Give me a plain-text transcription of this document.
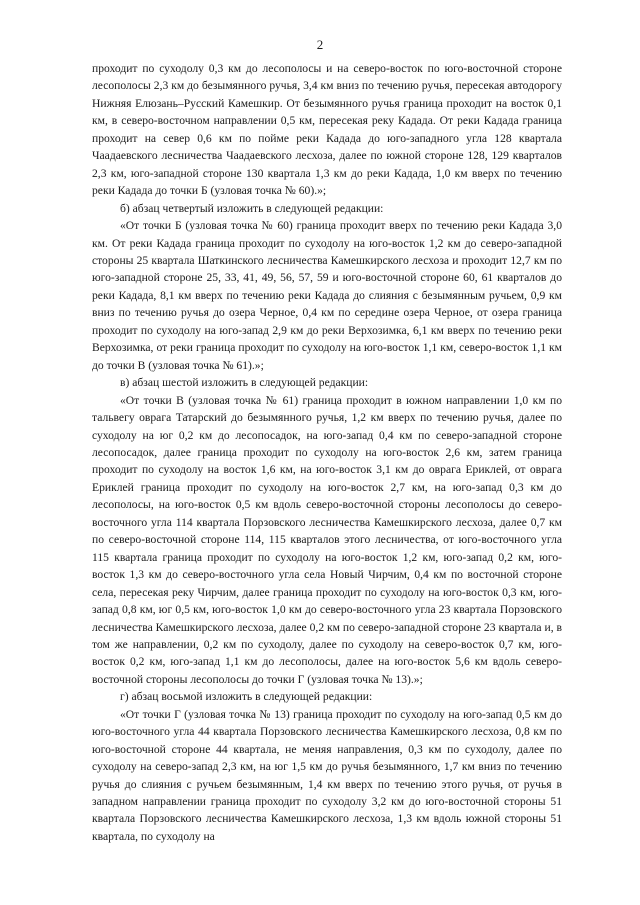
2

проходит по суходолу 0,3 км до лесополосы и на северо-восток по юго-восточной стороне лесополосы 2,3 км до безымянного ручья, 3,4 км вниз по течению ручья, пересекая автодорогу Нижняя Елюзань–Русский Камешкир. От безымянного ручья граница проходит на восток 0,1 км, в северо-восточном направлении 0,5 км, пересекая реку Кадада. От реки Кадада граница проходит на север 0,6 км по пойме реки Кадада до юго-западного угла 128 квартала Чаадаевского лесничества Чаадаевского лесхоза, далее по южной стороне 128, 129 кварталов 2,3 км, юго-западной стороне 130 квартала 1,3 км до реки Кадада, 1,0 км вверх по течению реки Кадада до точки Б (узловая точка № 60).»;

б) абзац четвертый изложить в следующей редакции:

«От точки Б (узловая точка № 60) граница проходит вверх по течению реки Кадада 3,0 км. От реки Кадада граница проходит по суходолу на юго-восток 1,2 км до северо-западной стороны 25 квартала Шаткинского лесничества Камешкирского лесхоза и проходит 12,7 км по юго-западной стороне 25, 33, 41, 49, 56, 57, 59 и юго-восточной стороне 60, 61 кварталов до реки Кадада, 8,1 км вверх по течению реки Кадада до слияния с безымянным ручьем, 0,9 км вниз по течению ручья до озера Черное, 0,4 км по середине озера Черное, от озера граница проходит по суходолу на юго-запад 2,9 км до реки Верхозимка, 6,1 км вверх по течению реки Верхозимка, от реки граница проходит по суходолу на юго-восток 1,1 км, северо-восток 1,1 км до точки В (узловая точка № 61).»;

в) абзац шестой изложить в следующей редакции:

«От точки В (узловая точка № 61) граница проходит в южном направлении 1,0 км по тальвегу оврага Татарский до безымянного ручья, 1,2 км вверх по течению ручья, далее по суходолу на юг 0,2 км до лесопосадок, на юго-запад 0,4 км по северо-западной стороне лесопосадок, далее граница проходит по суходолу на юго-восток 2,6 км, затем граница проходит по суходолу на восток 1,6 км, на юго-восток 3,1 км до оврага Ериклей, от оврага Ериклей граница проходит по суходолу на юго-восток 2,7 км, на юго-запад 0,3 км до лесополосы, на юго-восток 0,5 км вдоль северо-восточной стороны лесополосы до северо-восточного угла 114 квартала Порзовского лесничества Камешкирского лесхоза, далее 0,7 км по северо-восточной стороне 114, 115 кварталов этого лесничества, от юго-восточного угла 115 квартала граница проходит по суходолу на юго-восток 1,2 км, юго-запад 0,2 км, юго-восток 1,3 км до северо-восточного угла села Новый Чирчим, 0,4 км по восточной стороне села, пересекая реку Чирчим, далее граница проходит по суходолу на юго-восток 0,3 км, юго-запад 0,8 км, юг 0,5 км, юго-восток 1,0 км до северо-восточного угла 23 квартала Порзовского лесничества Камешкирского лесхоза, далее 0,2 км по северо-западной стороне 23 квартала и, в том же направлении, 0,2 км по суходолу, далее по суходолу на северо-восток 0,7 км, юго-восток 0,2 км, юго-запад 1,1 км до лесополосы, далее на юго-восток 5,6 км вдоль северо-восточной стороны лесополосы до точки Г (узловая точка № 13).»;

г) абзац восьмой изложить в следующей редакции:

«От точки Г (узловая точка № 13) граница проходит по суходолу на юго-запад 0,5 км до юго-восточного угла 44 квартала Порзовского лесничества Камешкирского лесхоза, 0,8 км по юго-восточной стороне 44 квартала, не меняя направления, 0,3 км по суходолу, далее по суходолу на северо-запад 2,3 км, на юг 1,5 км до ручья безымянного, 1,7 км вниз по течению ручья до слияния с ручьем безымянным, 1,4 км вверх по течению этого ручья, от ручья в западном направлении граница проходит по суходолу 3,2 км до юго-восточной стороны 51 квартала Порзовского лесничества Камешкирского лесхоза, 1,3 км вдоль южной стороны 51 квартала, по суходолу на
